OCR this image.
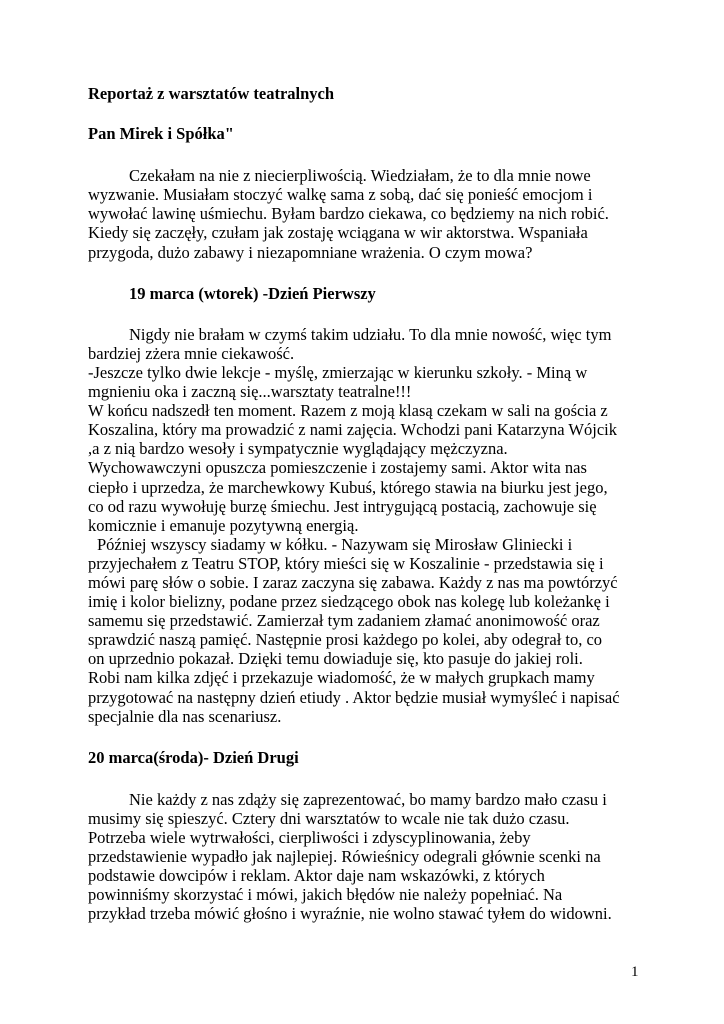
Reportaż z warsztatów teatralnych

Pan Mirek i Spółka"

Czekałam na nie z niecierpliwością. Wiedziałam, że to dla mnie nowe
wyzwanie. Musiałam stoczyć walkę sama z sobą, dać się ponieść emocjom i
wywołać lawinę uśmiechu. Byłam bardzo ciekawa, co będziemy na nich robić.
Kiedy się zaczęły, czułam jak zostaję wciągana w wir aktorstwa. Wspaniała
przygoda, dużo zabawy i niezapomniane wrażenia. O czym mowa?

19 marca (wtorek) -Dzień Pierwszy

Nigdy nie brałam w czymś takim udziału. To dla mnie nowość, więc tym
bardziej zżera mnie ciekawość.
-Jeszcze tylko dwie lekcje - myślę, zmierzając w kierunku szkoły. - Miną w
mgnieniu oka i zaczną się...warsztaty teatralne!!!
W końcu nadszedł ten moment. Razem z moją klasą czekam w sali na gościa z
Koszalina, który ma prowadzić z nami zajęcia. Wchodzi pani Katarzyna Wójcik
,a z nią bardzo wesoły i sympatycznie wyglądający mężczyzna.
Wychowawczyni opuszcza pomieszczenie i zostajemy sami. Aktor wita nas
ciepło i uprzedza, że marchewkowy Kubuś, którego stawia na biurku jest jego,
co od razu wywołuję burzę śmiechu. Jest intrygującą postacią, zachowuje się
komicznie i emanuje pozytywną energią.
Później wszyscy siadamy w kółku. - Nazywam się Mirosław Gliniecki i
przyjechałem z Teatru STOP, który mieści się w Koszalinie - przedstawia się i
mówi parę słów o sobie. I zaraz zaczyna się zabawa. Każdy z nas ma powtórzyć
imię i kolor bielizny, podane przez siedzącego obok nas kolegę lub koleżankę i
samemu się przedstawić. Zamierzał tym zadaniem złamać anonimowość oraz
sprawdzić naszą pamięć. Następnie prosi każdego po kolei, aby odegrał to, co
on uprzednio pokazał. Dzięki temu dowiaduje się, kto pasuje do jakiej roli.
Robi nam kilka zdjęć i przekazuje wiadomość, że w małych grupkach mamy
przygotować na następny dzień etiudy . Aktor będzie musiał wymyśleć i napisać
specjalnie dla nas scenariusz.

20 marca(środa)- Dzień Drugi

Nie każdy z nas zdąży się zaprezentować, bo mamy bardzo mało czasu i
musimy się spieszyć. Cztery dni warsztatów to wcale nie tak dużo czasu.
Potrzeba wiele wytrwałości, cierpliwości i zdyscyplinowania, żeby
przedstawienie wypadło jak najlepiej. Rówieśnicy odegrali głównie scenki na
podstawie dowcipów i reklam. Aktor daje nam wskazówki, z których
powinniśmy skorzystać i mówi, jakich błędów nie należy popełniać. Na
przykład trzeba mówić głośno i wyraźnie, nie wolno stawać tyłem do widowni.
1
